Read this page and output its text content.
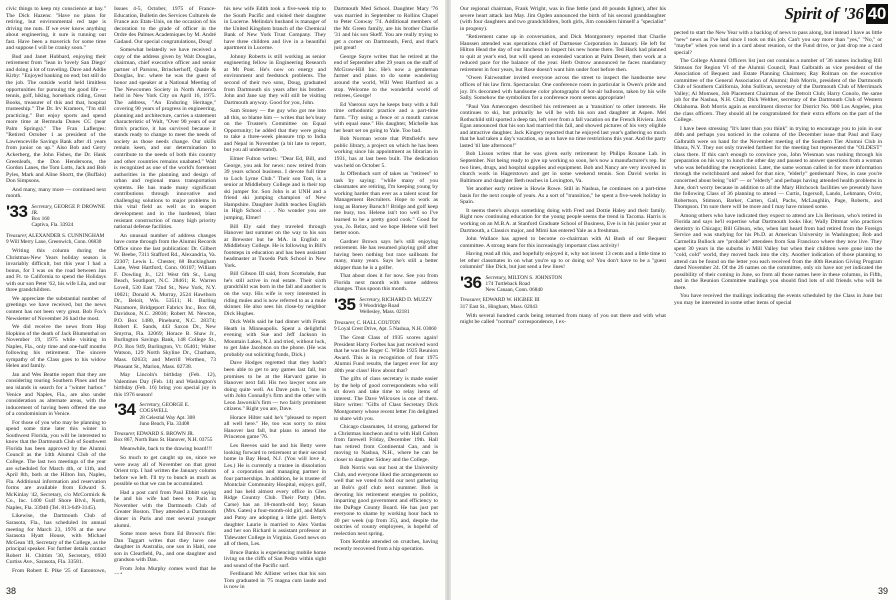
civic things to keep my conscience at bay." The Dick Hazens: "Have no plans for retiring, but environmental red tape is driving me nuts. If we ever know anything about engineering, it sure is running out fast. Have been a maverick for some time and suppose I will be cranky soon."

Bud and Janet Hubbard, enjoying their retirement from "lean in 'lovely San Diego' and doing a lot of traveling. Dave and Addie Kirby: "Enjoyed banking no end; but still do the job. The outside world held limitless opportunities for pursuing the good life — tennis, golf, hiking, horseback riding, Great Books, treasurer of this and that, hospital trusteeship." The Dr. Irv Kramers, "I'm still practicing." But enjoy sports and spend more time at Bermuda Dunes CC (near Palm Springs)." The Fran Laflerges: "Retired October 1 as president of the Lawrenceville Savings Bank after 41 years from junior on up." Also Bob and Gerry Ackerberg, the John Fishes, the Dr. Hank Greenleafs, the Don Hendersons, the Gordon Lanes, the Tom Lotts, Jack and Bob Pyles, Mark and Aline Shortt, the (Buffalo) Don Simpsons.

And many, many more — continued next month.

'33 Secretary, GEORGE P. DROWNE JR.
Box 160
Captiva, Fla. 33924
Treasurer, ALEXANDER S. CUNNINGHAM
9 Will Merry Lane, Greenwich, Conn. 06830

Writing this column during the Christmas-New Years holiday season is invariably difficult, but this year I had a bonus, for I was on the road between Jan and Ft. to California to spend the Holidays with our son Peter '62, his wife Lila, and our three grandchildren.

We appreciate the substantial number of greetings we have received, but the news content has not been very great. Bob Fox's Newsletter of November 26 had the most.

We did receive the news from Hop Hopkins of the death of Jack Blumenthal on November 19, 1975 while visiting in Naples, Fla., only time and one-half months following his retirement. The sincere sympathy of the Class goes to his widow Helen and family.

Jan and Wes Beattie report that they are considering touring Southern Pines and the sea islands in search for a "winter harbor." Venice and Naples, Fla., are also under consideration as alternate areas, with the inducement of having been offered the use of a condominium in Venice.

For those of you who may be planning to spend some time later this winter in Southwest Florida, you will be interested to know that the Dartmouth Club of Southwest Florida has been approved by the Alumni Council as the 14th Alumni Club of the College. The last two meetings of the year are scheduled for March 4th, or 11th, and April 8th, both at the Hilton Inn, Naples, Fla. Additional information and reservation forms are available from Edward S. McKinlay '42, Secretary, c/o McCormick & Co., Inc. 1400 Gulf Shore Blvd., North, Naples, Fla. 33940 (Tel. 813-649-3145).

Likewise, the Dartmouth Club of Sarasota, Fla., has scheduled its annual meeting for March 23, 1976 at the new Sarasota Hyatt House, with Michael McGean '49, Secretary of the College, as the principal speaker. For further details contact Robert H. Chittim '30, Secretary, 6930 Curtiss Ave., Sarasota, Fla. 33581.

From Robert E. Pike '25 of Eatontown,

Issues 4-5, October, 1975 of France-Education, Bulletin des Services Culturels de France aux Etats-Unis, on the occasion of his decoration to the grade of officer in the Ordre des Palmes Academiques by M. André Gadaud. Our special congratulations, Doug!

Somewhat belatedly we have received a copy of the address given by Walt Douglas, chairman, chief executive officer and senior partner of Parsons, Brinckerhoff, Quade & Douglas, Inc. where he was the guest of honor and speaker at a National Meeting of The Newcomen Society in North America held in New York City on April 16, 1975. The address, "An Enduring Heritage," covering 90 years of progress in engineering, planning and architecture, carries a statement characteristic of Walt, "Over 90 years of our firm's practice, it has survived because it stands ready to change to meet the needs of society as those needs change. Our skills remain keen, and our determination to contribute to the needs of both this country and other countries remains unabated." Walt is recognized as one of the world's foremost authorities in the planning and design of urban and regional mass transportation systems. He has made many significant contributions through innovative and challenging solutions to major problems in this vital field as well as in seaport development and in the hardened, blast resistant construction of many high priority national defense facilities.

An unusual number of address changes have come through from the Alumni Records Office since the last publication: Dr. Gilbert W. Beebe, 7311 Stafford Rd., Alexandria, Va. 22307; Lewis L. Chester, 68 Buckingham Lane, West Hartford, Conn. 06107; William F. Dowling Jr., 121 West 6th St., Long Beach, Southport, N.C. 28461; R. Warren Lovell, 530 East 72nd St., New York, N.Y. 10021; Donald A. Murray, 2524 Hawthorn Dr., Beloit, Wis. 53511; H. Burling Naramore, Bridgeport Fabrics Inc., Box 68, Davidson, N.C. 28036; Robert M. Newton, P.O. Box 1480, Pinehurst, N.C. 28374; Robert E. Sands, 443 Saxon Dr., New Smyrna, Fla. 32069; Horace B. Shaw Jr., Burlington Savings Bank, 148 College St., P.O. Box 949, Burlington, Vt. 05401; Walter Watson, 129 North Skyline Dr., Chatham, Mass. 02633; and Merrill Worthen, 73 Pleasant St., Marion, Mass. 02738.

May Lincoln's birthday (Feb. 12), Valentines Day (Feb. 14) and Washington's birthday (Feb. 16) bring you special joy in this 1976 season!

'34 Secretary, GEORGE E. COGSWELL
28 Celestial Way Apt. 308
Juno Beach, Fla. 33408
Treasurer, EDWARD S. BROWN JR.
Box 867, North Bass St. Hanover, N.H. 03755

Meanwhile, back to the drawing board!!!

So much to get caught up on, since we were away all of November on that great Orient trip. I had written the January column before we left. I'll try to bunch as much as possible so that we can be accumulated.

Had a post card from Paul Ebbitt saying he and his wife had been to Paris in November with the Dartmouth Club of Greater Boston. They attended a Dartmouth dinner in Paris and met several younger alumni.

Some more news from Ed Brown's file: Dan Taggart writes that they have one daughter in Australia, one son in Haiti, one son in Clearfield, Pa., and one daughter and grandson with Dan.

From John Murphy comes word that he

his new wife Edith took a five-week trip to the South Pacific and visited their daughter in Lucerne. Melinda's husband is manager of the United Kingdom branch of the Chemical Bank of New York Trust Company. They have three children and live in a beautiful apartment in Lucerne.

Johnny Roberts is still working as senior engineering fellow in Engineering Research at Mt Pont. He's now on energy and environment and feedstock problems. The second of their two sons, Doug, graduated from Dartmouth six years after his brother. John and Jane say they will still be visiting Dartmouth anyway. Good for you, John.

Sam Stoney — the guy who got me into all this, so blame him — writes that he's busy on the Trustee's Committee on Equal Opportunity; he added that they were going to take a three-week pleasure trip to India and Nepal in November (a bit late to report, but you all understand).

Elmer Fulton writes: "Dear Ed, Bill, and George, you ask for news: now retired from 39 years school business. I devote full time to Loch Lyme Club." Their son Tom, is a senior at Middlebury College and is their top ski jumper for. Son John is at UNH and a friend ski jumping champion of New Hampshire. Daughter Judith teaches English in High School . . . No wonder you are jumping, Elmer!

Bill Ely said they traveled through Hanover last summer on the way to his son at Brewster but he MA. in English at Middlebury College. He is following in Bill's footsteps in education and has been assistant headmaster at Tuxedo Park School in New York.

Bill Gibson III said, from Scottsdale, that he's still active in real estate. Their sixth grandchild was born in the fall and another is on the way. His wife is very interested in riding mules and is now referred to as a mule skinner. He also sees his close-by neighbor Dick Hughes.

Dick Wells said he had dinner with Frank Heath in Minneapolis. Spent a delightful evening with Sue and Jeff Jackson in Mountain Lakes, N.J. and tried, without luck, to get Jake Jacobson on the phone. (He was probably out soliciting funds, Dick.)

Dave Hodges regretted that they hadn't been able to get to any games last fall, but promises to be at the Harvard game in Hanover next fall. His two lawyer sons are doing quite well. As Dave puts it, "one is with John Connally's firm and the other with Leon Jaworski's firm — two fairly prominent citizens." Right you are, Dave.

Horace Hilter said he's "pleased to report all well here." He, too was sorry to miss Hanover last fall, but plans to attend the Princeton game '76.

Les Reeves said he and his Betty were looking forward to retirement at their second home in Bay Head, N.J. (You will love it, Les.) He is currently a trustee in dissolution of a corporation and managing partner in four partnerships. In addition, he is trustee of Montclair Community Hospital, enjoys golf, and has held almost every office in Glen Ridge Country Club. Their Patty (Mrs. Carse) has an 18-month-old boy; Susan (Mrs. Gates) a four-month-old girl, and Mark and Patsy are adopting a little girl. Betty's daughter Laurie is married to Alex Vardas and her son Richard is assistant professor at Tidewater College in Virginia. Good news on all of them, Les.

Bruce Banks is experiencing mobile home living on the cliffs of San Pedro within sight and sound of the Pacific surf.

Ferdinand Mc Allister writes that his son Tom graduated in '75 magna cum laude and is now in

Dartmouth Med School. Daughter Mary '76 was married in September to Rollins Chapel to Peter Conway '74. Additional members of the Mc Green family, are his brother Charlie '31 and his son Skeff. You are really trying to get a corner on Dartmouth, Ferd, and that's just great!

George Sayre writes that he retired at the end of September after 29 years on the staff of McGraw-Hill Inc. He's now a gentleman farmer and plans to do some wandering around the world, Will West Hartford as a stop. Welcome to the wonderful world of retirees, George!

Ed Vaeroux says he keeps busy with a full time orthodontic practice and a part-time farm. "Try using a fence or a mouth canvas with equal ease." His daughter, Michelle has her heart set on going to Yale. Too bad.

Bob Norman wrote that Pittsfield's new public library, a project on which he has been working since his appointment as librarian in 1931, has at last been built. The dedication was held on October 5.

Ja Offenbach sort of takes us "retirees" to task by saying: "while many of you classmates are retiring, I'm keeping young by working harder than ever as a talent scout for Management Recruiters. Hope to work as long as Barney Baruch!! Bridge and golf keep me busy, too. Helene isn't too well so I've learned to be a pretty good cook." Good for you, Jo. Relax, and we hope Helene will feel better soon.

Gardner Brown says he's still enjoying retirement. He has resumed playing golf after having been nothing but race sailboats for many, many years. Says he's still a better skipper than he is a golfer.

That about does it for now. See you from Florida next month with some address changes. Thus spoon this month.

'35 Secretary, RICHARD D. MUZZY
9 Woodridge Road
Wellesley, Mass. 02181
Treasurer, C. HALL COUTON
9 Loyal Crest Drive, Apt. 5 Nashua, N.H. 03060

The Great Class of 1935 scores again! President Harry Forbes has just received word that he was the Roger C. Wilde 1925 Reunion Award. This is in recognition of four 1975 Alumni Fund results, the largest ever for any 40th year class! How about that?

The gifts of class secretary is made easier by the help of good correspondents who will sit down and take time to relay items of interest. The Dave Wilcoxes is one of them. Harv writes: "Gifts of Class Secretary Dick Montgomery whose recent letter I'm delighted to share with you.

Chicago classmates, 14 strong, gathered for a Christmas luncheon and to with Hall Colton from farewell Friday, December 19th. Hall has retired from Continental Can, and is moving to Nashua, N.H., where he can be closer to daughter Sidney and the College.

Bob Norris was our host at the University Club, and everyone liked the arrangements so well that we voted to hold our next gathering at Bob's golf club next summer. Bob is devoting his retirement energies to politics, imparting good government and efficiency to the DuPage County Board. He has just put everyone to shame by working hour back to 40 per week (up from 35), and, despite the outcries of county employees, is hopeful of reelection next spring.

Tom Kemble attended on crutches, having recently recovered from a hip operation.

38
Spirit of '36 40

Our regional chairman, Frank Wright, was in fine fettle (and 40 pounds lighter), after his severe heart attack last May. Jim Ogden announced the birth of his second granddaughter (with four daughters and two grandchildren, both girls, Jim considers himself a "specialist" in progeny).

"Retirement came up in conversation, and Dick Montgomery reported that Charlie Hanssen attended was operations chief of Dartnesse Corporation in January. He left for Hilton Head the day of our luncheon to inspect his new home there. Ted Hack had planned to quit at year's end, but will spend an extended vacation at Palm Desert, then work at a reduced pace for the balance of the year. Herb Ostrow announced he faces mandatory retirement in four years, but Rose doesn't want him under foot before then.

"Owen Fairweather invited everyone across the street to inspect the handsome new offices of his law firm. Spectacular. One conference room in particular is Owen's pride and joy. It's decorated with handsome color photographs of hot-air balloons, taken by his wife Sally. Somehow the symbolism for a conference room seems appropriate!

"Paul Van Amerongen described his retirement as a 'transition' to other interests. He continues to ski, but primarily he will be with his son and daughter at Aspen. Mel Rothschild still sported a deep tan, left over from a fall vacation on the French Riviera. Jack Egan announced that his son had married this fall, and showed pictures of his very eligible and attractive daughter. Jack Kingery reported that he enjoyed last year's gathering so much that he had taken a day's vacation, so as to have no time restrictions this year. And the party lasted 'til late afternoon!"

Bob Lisson writes that he was given early retirement by Philips Roxane Lab. in September. Not being ready to give up working so soon, he's now a manufacturer's rep. for two lines, drugs, and hospital supplies and equipment. Bob and Nancy are very involved in church work in Hagerstown and get in some weekend tennis. Son David works in Baltimore and daughter Beth teaches in Lexington, Va.

Yet another early retiree is Howie Rowe. Still in Nashua, he continues on a part-time basis for the next couple of years. As a sort of "transition," he spent a five-week holiday in Spain.

It seems there's always something doing with Fred and Dottie Haley and their family. Right now continuing education for the young people seems the trend in Tacoma. Harris is working on an M.B.A. at Stanford Graduate School of Business, Eve is in his junior year at Dartmouth, a Classics major, and Mimi has entered Yale as a freshman.

John Wallace has agreed to become co-chairman with Al Bush of our Bequest committee. A strong team for this increasingly important class activity!

Having read all this, and hopefully enjoyed it, why not invest 13 cents and a little time to let other classmates in on what you're up to or doing so? You don't have to be a "guest columnist" like Dick, but just send a few lines!

'36 Secretary, MILTON S. JOHNSTON
174 Turtleback Road
New Canaan, Conn. 06840
Treasurer, EDWARD W. HIGBEE III
317 East St., Hingham, Mass. 02043

With several hundred cards being returned from many of you out there and with what might be called "normal" correspondence, I ex-

pected to start the New Year with a backlog of news to pass along, but instead I have as little "new" news as I've had since I took on this job. Can't you say more than "yes," "No," or "maybe" when you send in a card about reunion, or the Fund drive, or just drop me a card special?

The College Alumni Officers list just out contains a number of '36 names including Bill Stimson for Region VI of the Alumni Council, Paul Galbraith as vice president of the Association of Bequest and Estate Planning Chairmen; Ray Rolman on the executive committee of the General Association of Alumni; Bob Morris, president of the Dartmouth Club of Southern California, John Sullivan, secretary of the Dartmouth Club of Merrimack Valley; Al Momsen, Job Placement Chairman of the Detroit Club; Harry Conolo, the same job for the Nashua, N.H. Club; Dick Welther, secretary of the Dartmouth Club of Western Oklahoma. Bob Morris again as enrollment director for District No. 900 Los Angeles, plus the class officers. They should all be congratulated for their extra efforts on the part of the College.

I have been stressing "It's later than you think" in trying to encourage you to join in our 40th and perhaps you noticed in the column of the December issue that Paul and Easy Galbraith were on hand for the November meeting of the Southern Tier Alumni Club in Ithaca, N.Y. They not only traveled farthest for the meeting but represented the "OLDEST" class there. If this can't enough to convince you, John Wiesman was rushing through his preparation on his way to lunch the other day and paused to answer questions from a woman who was befuddling the receptionist. Later, the same woman called in for more information through the switchboard and asked for that nice, "elderly" gentleman! Now, in case you're concerned about being "old" — or "elderly" and perhaps having attended health problems in June, don't worry because in addition to all the Mary Hitchcock facilities we presently have the following Class of 36 planning to attend — Curtis, Ingersoll, Lando, Lehmann, Ovitz, Robertson, Stimson, Barker, Carten, Gall, Pachs, McLaughlin, Page, Roberts, and Thompson. I'm sure there will be more and I may have missed some.

Among others who have indicated they expect to attend are Lis Berisson, who's retired in Florida and says he'll expertise what Dartmouth looks like; Wally Dittmar who practices dentistry in Chicago; Bill Gibson, who, when last heard from had retired from the Foreign Service and was studying for his Ph.D. at American University in Washington; Bob and Carmelita Bullock are "probable" attendees from San Francisco where they now live. They spent 30 years in the suburbs in Mill Valley but when their children were gone into the "cold, cold" world, they moved back into the city. Another indication of those planning to attend can be found on the letter you each received from the 40th Reunion Giving Program dated November 24. Of the 26 names on the committee, only six have not yet indicated the possibility of their coming in June, so from all those names here in these columns, in Fifth, and in the Reunion Committee mailings you should find lots of old friends who will be there.

You have received the mailings indicating the events scheduled by the Class in June but you may be interested in some other items of special

39
